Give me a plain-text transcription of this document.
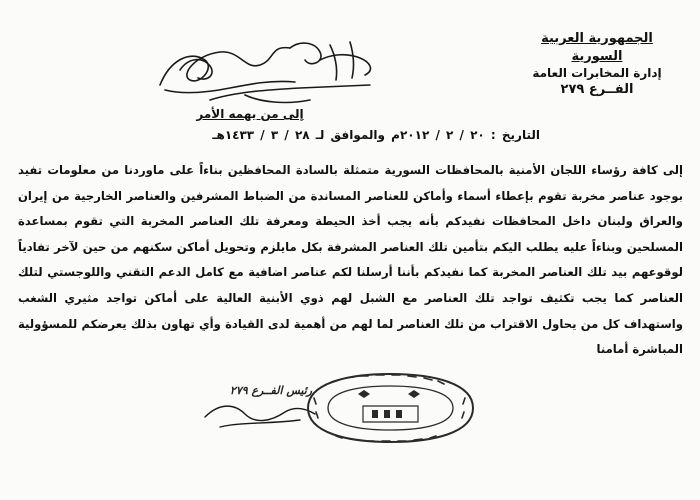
الجمهورية العربية السورية
إدارة المخابرات العامة
الفــرع ٢٧٩
إلى من يهمه الأمر
التاريخ : ٢٠ / ٢ / ٢٠١٢م والموافق لـ ٢٨ / ٣ / ١٤٣٣هـ

إلى كافة رؤساء اللجان الأمنية بالمحافظات السورية متمثلة بالسادة المحافظين بناءاً على ماوردنا من معلومات تفيد بوجود عناصر مخربة تقوم بإعطاء أسماء وأماكن للعناصر المساندة من الضباط المشرفين والعناصر الخارجية من إيران والعراق ولبنان داخل المحافظات نفيدكم بأنه يجب أخذ الحيطة ومعرفة تلك العناصر المخربة التي تقوم بمساعدة المسلحين وبناءاً عليه يطلب اليكم بتأمين تلك العناصر المشرفة بكل مايلزم وتحويل أماكن سكنهم من حين لآخر تفادياً لوقوعهم بيد تلك العناصر المخربة كما نفيدكم بأننا أرسلنا لكم عناصر اضافية مع كامل الدعم التقني واللوجستي لتلك العناصر كما يجب تكثيف تواجد تلك العناصر مع الشبل لهم ذوي الأبنية العالية على أماكن تواجد مثيري الشغب واستهداف كل من يحاول الاقتراب من تلك العناصر لما لهم من أهمية لدى القيادة وأي تهاون بذلك يعرضكم للمسؤولية المباشرة أمامنا

رئيس الفــرع ٢٧٩
